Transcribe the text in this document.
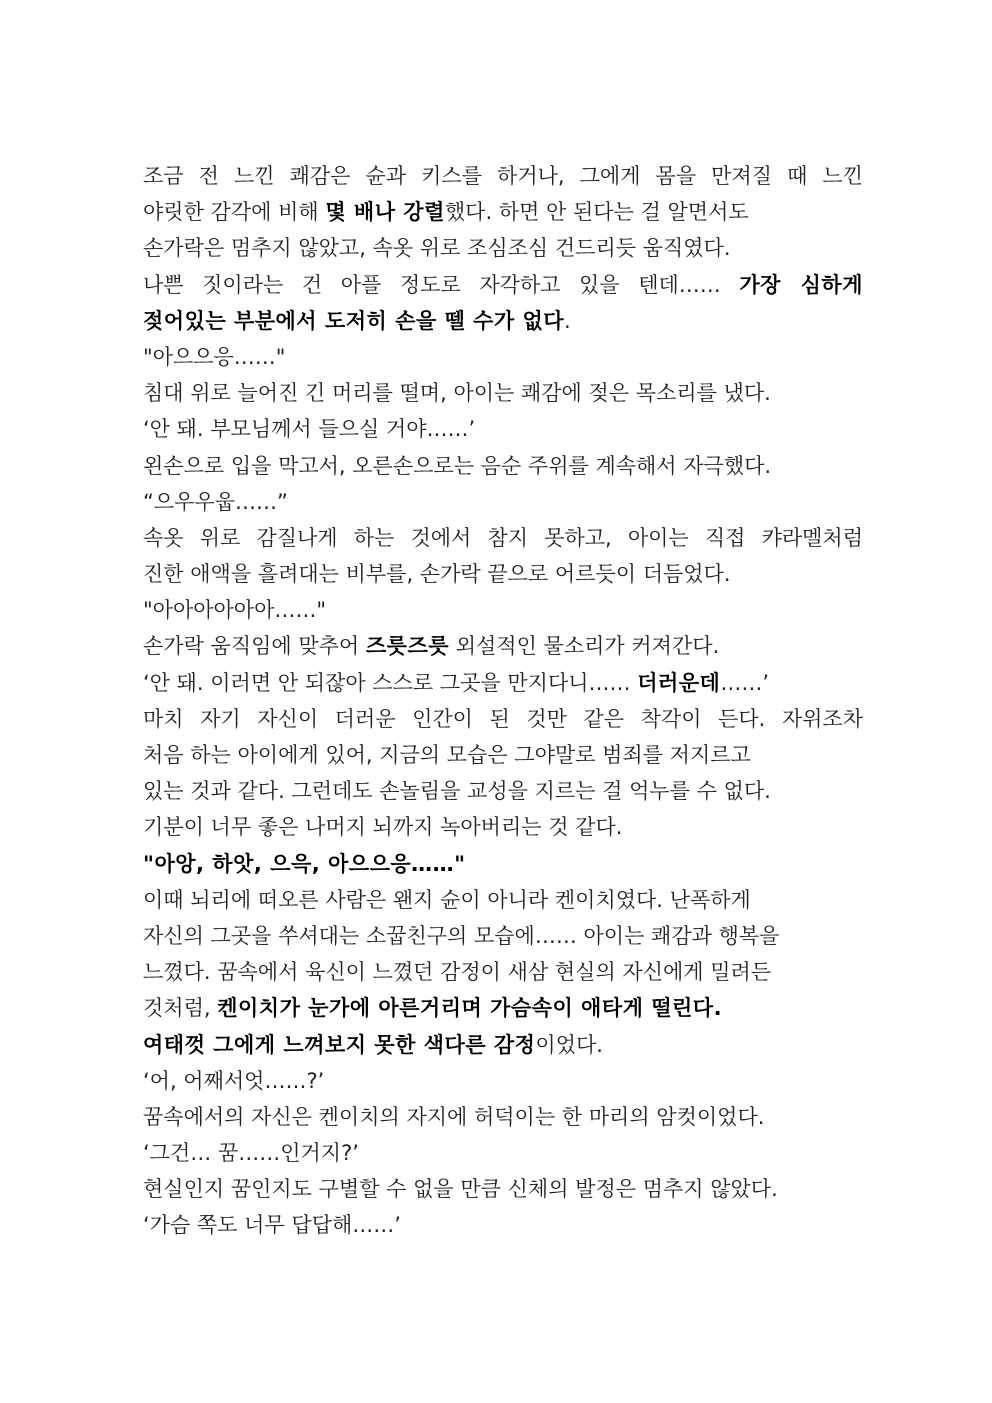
조금 전 느낀 쾌감은 슌과 키스를 하거나, 그에게 몸을 만져질 때 느낀
야릿한 감각에 비해 몇 배나 강렬했다. 하면 안 된다는 걸 알면서도
손가락은 멈추지 않았고, 속옷 위로 조심조심 건드리듯 움직였다.
나쁜 짓이라는 건 아플 정도로 자각하고 있을 텐데…… 가장 심하게
젖어있는 부분에서 도저히 손을 뗄 수가 없다.
"아으으응……"
침대 위로 늘어진 긴 머리를 떨며, 아이는 쾌감에 젖은 목소리를 냈다.
‘안 돼. 부모님께서 들으실 거야……’
왼손으로 입을 막고서, 오른손으로는 음순 주위를 계속해서 자극했다.
“으우우웁……”
속옷 위로 감질나게 하는 것에서 참지 못하고, 아이는 직접 캬라멜처럼
진한 애액을 흘려대는 비부를, 손가락 끝으로 어르듯이 더듬었다.
"아아아아아아……"
손가락 움직임에 맞추어 즈릇즈릇 외설적인 물소리가 커져간다.
‘안 돼. 이러면 안 되잖아 스스로 그곳을 만지다니…… 더러운데……’
마치 자기 자신이 더러운 인간이 된 것만 같은 착각이 든다. 자위조차
처음 하는 아이에게 있어, 지금의 모습은 그야말로 범죄를 저지르고
있는 것과 같다. 그런데도 손놀림을 교성을 지르는 걸 억누를 수 없다.
기분이 너무 좋은 나머지 뇌까지 녹아버리는 것 같다.
"아앙, 하앗, 으윽, 아으으응……"
이때 뇌리에 떠오른 사람은 왠지 슌이 아니라 켄이치였다. 난폭하게
자신의 그곳을 쑤셔대는 소꿉친구의 모습에…… 아이는 쾌감과 행복을
느꼈다. 꿈속에서 육신이 느꼈던 감정이 새삼 현실의 자신에게 밀려든
것처럼, 켄이치가 눈가에 아른거리며 가슴속이 애타게 떨린다.
여태껏 그에게 느껴보지 못한 색다른 감정이었다.
‘어, 어째서엇……?’
꿈속에서의 자신은 켄이치의 자지에 허덕이는 한 마리의 암컷이었다.
‘그건… 꿈……인거지?’
현실인지 꿈인지도 구별할 수 없을 만큼 신체의 발정은 멈추지 않았다.
‘가슴 쪽도 너무 답답해……’
